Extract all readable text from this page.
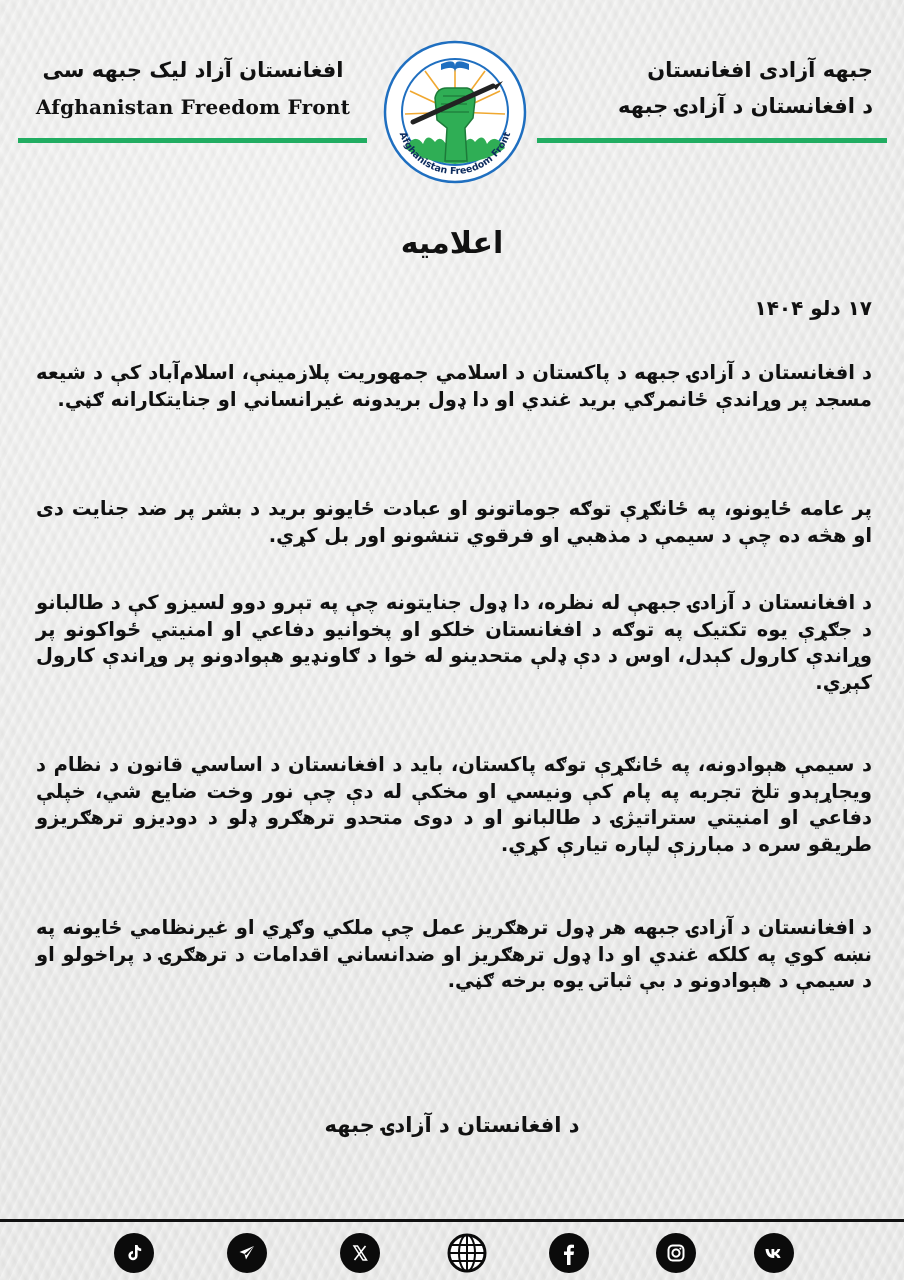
افغانستان آزاد لیک جبهه سی
Afghanistan Freedom Front
جبهه آزادی افغانستان
د افغانستان د آزادۍ جبهه
2022
Afghanistan Freedom Front
اعلامیه
۱۷ دلو ۱۴۰۴
د افغانستان د آزادۍ جبهه د پاکستان د اسلامي جمهوریت پلازمینې، اسلام‌آباد کې د شیعه مسجد پر وړاندې ځانمرګي برید غندي او دا ډول بریدونه غیرانساني او جنایتکارانه ګڼي.
پر عامه ځایونو، په ځانګړې توګه جوماتونو او عبادت ځایونو برید د بشر پر ضد جنایت دی او هڅه ده چې د سیمې د مذهبي او فرقوي تنشونو اور بل کړي.
د افغانستان د آزادۍ جبهې له نظره، دا ډول جنایتونه چې په تېرو دوو لسیزو کې د طالبانو د جګړې یوه تکتیک په توګه د افغانستان خلکو او پخوانیو دفاعي او امنیتي ځواکونو پر وړاندې کارول کېدل، اوس د دې ډلې متحدینو له خوا د ګاونډیو هېوادونو پر وړاندې کارول کېږي.
د سیمې هېوادونه، په ځانګړې توګه پاکستان، باید د افغانستان د اساسي قانون د نظام د ویجاړېدو تلخ تجربه په پام کې ونیسي او مخکې له دې چې نور وخت ضایع شي، خپلې دفاعي او امنیتي ستراتیژۍ د طالبانو او د دوی متحدو ترهګرو ډلو د دودیزو ترهګریزو طریقو سره د مبارزې لپاره تیارې کړي.
د افغانستان د آزادۍ جبهه هر ډول ترهګریز عمل چې ملکي وګړي او غیرنظامي ځایونه په نښه کوي په کلکه غندي او دا ډول ترهګریز او ضدانساني اقدامات د ترهګرۍ د پراخولو او د سیمې د هېوادونو د بې ثباتۍ یوه برخه ګڼي.
د افغانستان د آزادۍ جبهه
